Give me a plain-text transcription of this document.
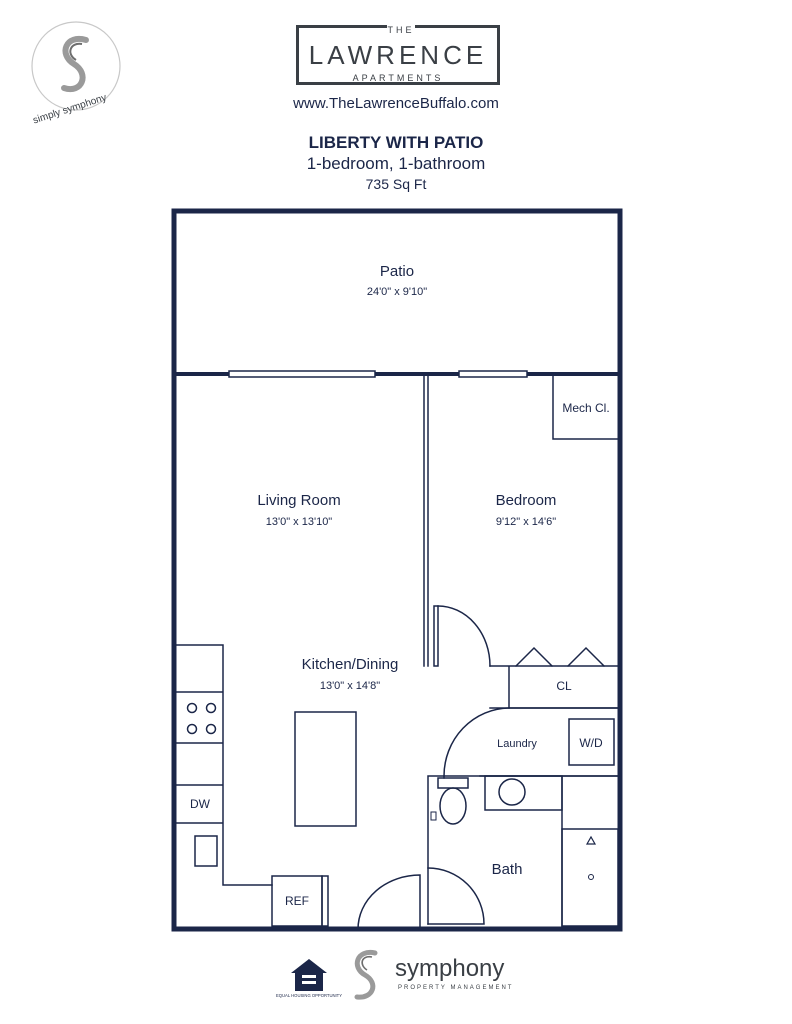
simply symphony
THE
LAWRENCE
APARTMENTS
www.TheLawrenceBuffalo.com
LIBERTY WITH PATIO
1-bedroom, 1-bathroom
735 Sq Ft
Patio
24'0" x 9'10"
Living Room
13'0" x 13'10"
Bedroom
9'12" x 14'6"
Kitchen/Dining
13'0" x 14'8"
Mech Cl.
CL
Laundry	W/D
Bath
DW
REF
EQUAL HOUSING OPPORTUNITY
symphony
PROPERTY MANAGEMENT
